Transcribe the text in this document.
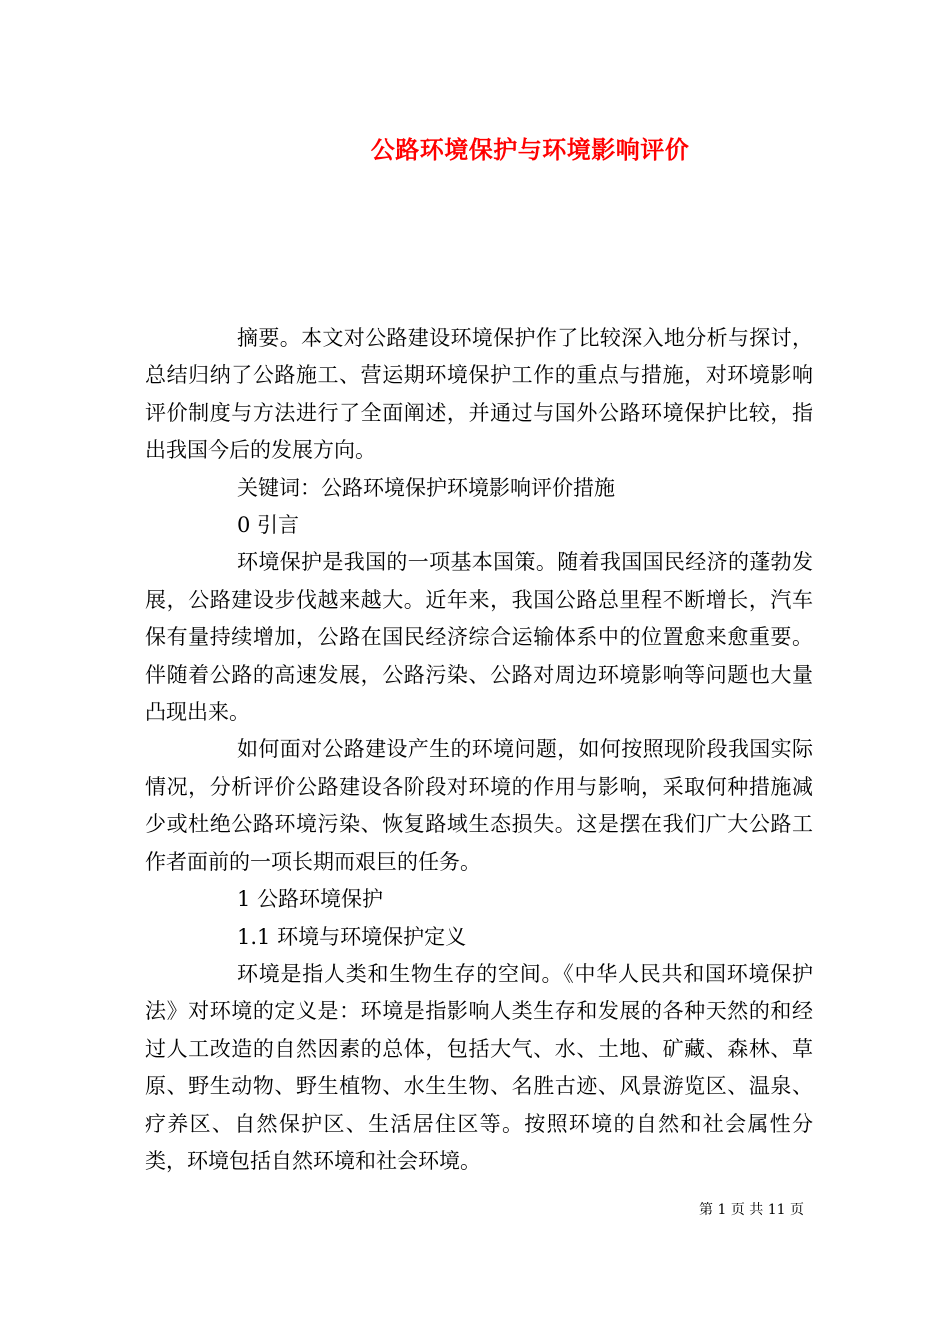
公路环境保护与环境影响评价

摘要。本文对公路建设环境保护作了比较深入地分析与探讨，总结归纳了公路施工、营运期环境保护工作的重点与措施，对环境影响评价制度与方法进行了全面阐述，并通过与国外公路环境保护比较，指出我国今后的发展方向。

关键词：公路环境保护环境影响评价措施

0 引言

环境保护是我国的一项基本国策。随着我国国民经济的蓬勃发展，公路建设步伐越来越大。近年来，我国公路总里程不断增长，汽车保有量持续增加，公路在国民经济综合运输体系中的位置愈来愈重要。伴随着公路的高速发展，公路污染、公路对周边环境影响等问题也大量凸现出来。

如何面对公路建设产生的环境问题，如何按照现阶段我国实际情况，分析评价公路建设各阶段对环境的作用与影响，采取何种措施减少或杜绝公路环境污染、恢复路域生态损失。这是摆在我们广大公路工作者面前的一项长期而艰巨的任务。

1 公路环境保护

1.1 环境与环境保护定义

环境是指人类和生物生存的空间。《中华人民共和国环境保护法》对环境的定义是：环境是指影响人类生存和发展的各种天然的和经过人工改造的自然因素的总体，包括大气、水、土地、矿藏、森林、草原、野生动物、野生植物、水生生物、名胜古迹、风景游览区、温泉、疗养区、自然保护区、生活居住区等。按照环境的自然和社会属性分类，环境包括自然环境和社会环境。

第 1 页 共 11 页
